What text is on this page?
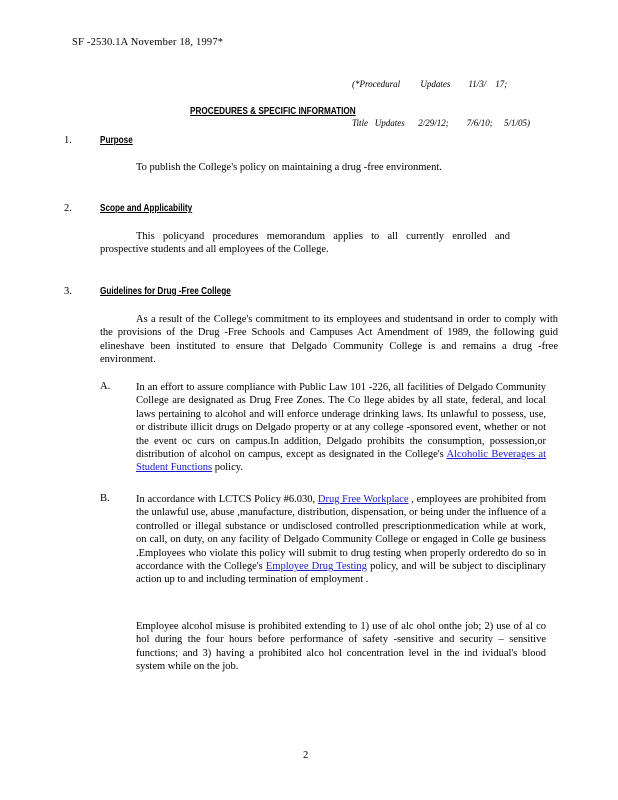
SF -2530.1A November 18, 1997*

(*Procedural         Updates        11/3/    17;

Title   Updates      2/29/12;        7/6/10;     5/1/05)

PROCEDURES & SPECIFIC INFORMATION
1.	Purpose
To publish the College's policy on maintaining a drug -free environment.
2.	Scope and Applicability
This policyand procedures memorandum applies to all currently enrolled and prospective students and all employees of the College.
3.	Guidelines for Drug -Free College
As a result of the College's commitment to its employees and studentsand in order to comply with the provisions of the Drug -Free Schools and Campuses Act Amendment of 1989, the following guid elineshave been instituted to ensure that Delgado Community College is and remains a drug -free environment.
A. In an effort to assure compliance with Public Law 101 -226, all facilities of Delgado Community College are designated as Drug Free Zones. The Co llege abides by all state, federal, and local laws pertaining to alcohol and will enforce underage drinking laws. Its unlawful to possess, use, or distribute illicit drugs on Delgado property or at any college -sponsored event, whether or not the event oc curs on campus.In addition, Delgado prohibits the consumption, possession,or distribution of alcohol on campus, except as designated in the College's Alcoholic Beverages at Student Functions policy.
B.	In accordance with LCTCS Policy #6.030, Drug Free Workplace , employees are prohibited from the unlawful use, abuse ,manufacture, distribution, dispensation, or being under the influence of a controlled or illegal substance or undisclosed controlled prescriptionmedication while at work, on call, on duty, on any facility of Delgado Community College or engaged in Colle ge business .Employees who violate this policy will submit to drug testing when properly orderedto do so in accordance with the College's Employee Drug Testing policy, and will be subject to disciplinary action up to and including termination of employment .
Employee alcohol misuse is prohibited extending to 1) use of alc ohol onthe job; 2) use of al co hol during the four hours before performance of safety -sensitive and security – sensitive functions; and 3) having a prohibited alco hol concentration level in the ind ividual's blood system while on the job.
2
